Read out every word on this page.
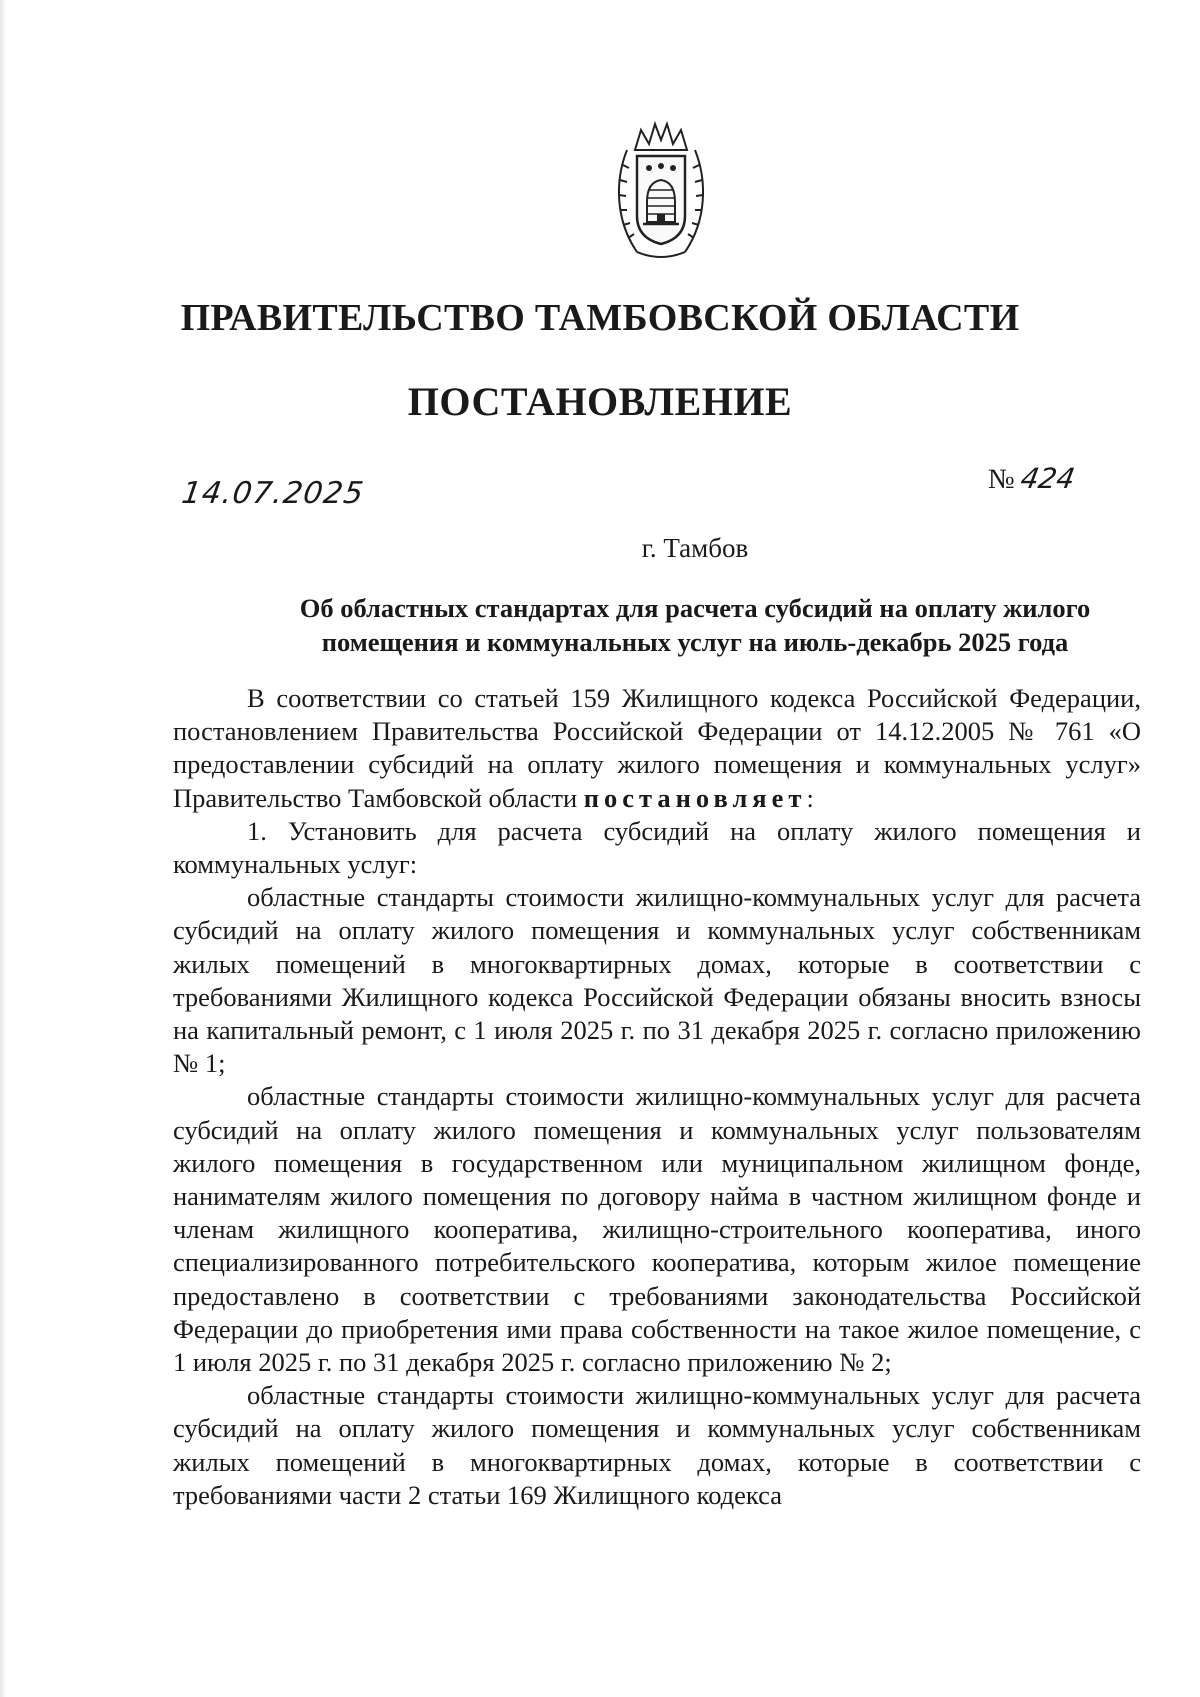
ПРАВИТЕЛЬСТВО ТАМБОВСКОЙ ОБЛАСТИ
ПОСТАНОВЛЕНИЕ
14.07.2025	№ 424
г. Тамбов
Об областных стандартах для расчета субсидий на оплату жилого
помещения и коммунальных услуг на июль-декабрь 2025 года

В соответствии со статьей 159 Жилищного кодекса Российской Федерации, постановлением Правительства Российской Федерации от 14.12.2005 № 761 «О предоставлении субсидий на оплату жилого помещения и коммунальных услуг» Правительство Тамбовской области постановляет:

1. Установить для расчета субсидий на оплату жилого помещения и коммунальных услуг:

областные стандарты стоимости жилищно-коммунальных услуг для расчета субсидий на оплату жилого помещения и коммунальных услуг собственникам жилых помещений в многоквартирных домах, которые в соответствии с требованиями Жилищного кодекса Российской Федерации обязаны вносить взносы на капитальный ремонт, с 1 июля 2025 г. по 31 декабря 2025 г. согласно приложению № 1;

областные стандарты стоимости жилищно-коммунальных услуг для расчета субсидий на оплату жилого помещения и коммунальных услуг пользователям жилого помещения в государственном или муниципальном жилищном фонде, нанимателям жилого помещения по договору найма в частном жилищном фонде и членам жилищного кооператива, жилищно-строительного кооператива, иного специализированного потребительского кооператива, которым жилое помещение предоставлено в соответствии с требованиями законодательства Российской Федерации до приобретения ими права собственности на такое жилое помещение, с 1 июля 2025 г. по 31 декабря 2025 г. согласно приложению № 2;

областные стандарты стоимости жилищно-коммунальных услуг для расчета субсидий на оплату жилого помещения и коммунальных услуг собственникам жилых помещений в многоквартирных домах, которые в соответствии с требованиями части 2 статьи 169 Жилищного кодекса
